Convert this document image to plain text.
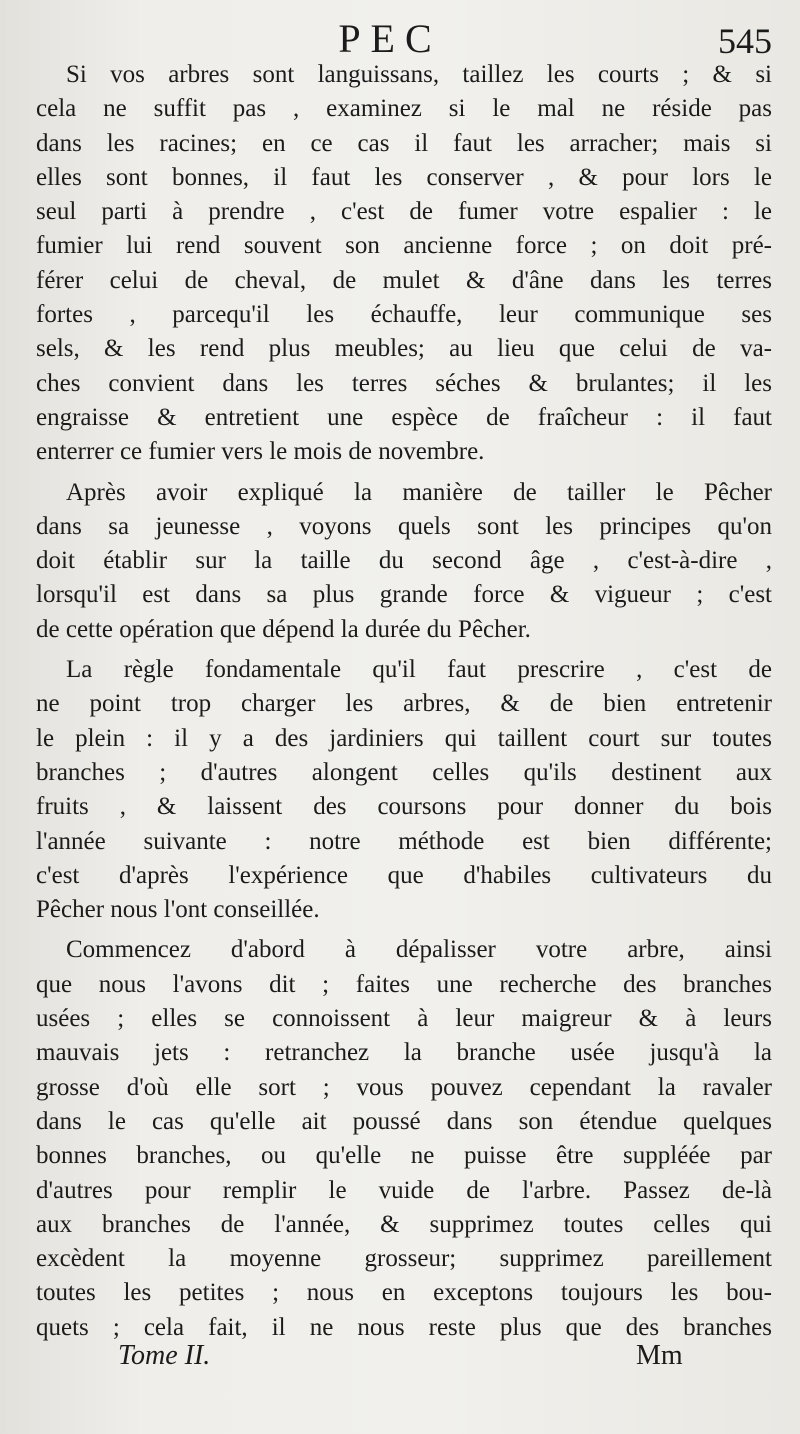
PEC	545
Si vos arbres sont languissans, taillez les courts ; & si
cela ne suffit pas , examinez si le mal ne réside pas
dans les racines; en ce cas il faut les arracher; mais si
elles sont bonnes, il faut les conserver , & pour lors le
seul parti à prendre , c'est de fumer votre espalier : le
fumier lui rend souvent son ancienne force ; on doit pré-
férer celui de cheval, de mulet & d'âne dans les terres
fortes , parcequ'il les échauffe, leur communique ses
sels, & les rend plus meubles; au lieu que celui de va-
ches convient dans les terres séches & brulantes; il les
engraisse & entretient une espèce de fraîcheur : il faut
enterrer ce fumier vers le mois de novembre.
Après avoir expliqué la manière de tailler le Pêcher
dans sa jeunesse , voyons quels sont les principes qu'on
doit établir sur la taille du second âge , c'est-à-dire ,
lorsqu'il est dans sa plus grande force & vigueur ; c'est
de cette opération que dépend la durée du Pêcher.
La règle fondamentale qu'il faut prescrire , c'est de
ne point trop charger les arbres, & de bien entretenir
le plein : il y a des jardiniers qui taillent court sur toutes
branches ; d'autres alongent celles qu'ils destinent aux
fruits , & laissent des coursons pour donner du bois
l'année suivante : notre méthode est bien différente;
c'est d'après l'expérience que d'habiles cultivateurs du
Pêcher nous l'ont conseillée.
Commencez d'abord à dépalisser votre arbre, ainsi
que nous l'avons dit ; faites une recherche des branches
usées ; elles se connoissent à leur maigreur & à leurs
mauvais jets : retranchez la branche usée jusqu'à la
grosse d'où elle sort ; vous pouvez cependant la ravaler
dans le cas qu'elle ait poussé dans son étendue quelques
bonnes branches, ou qu'elle ne puisse être suppléée par
d'autres pour remplir le vuide de l'arbre. Passez de-là
aux branches de l'année, & supprimez toutes celles qui
excèdent la moyenne grosseur; supprimez pareillement
toutes les petites ; nous en exceptons toujours les bou-
quets ; cela fait, il ne nous reste plus que des branches
Tome II.	Mm
